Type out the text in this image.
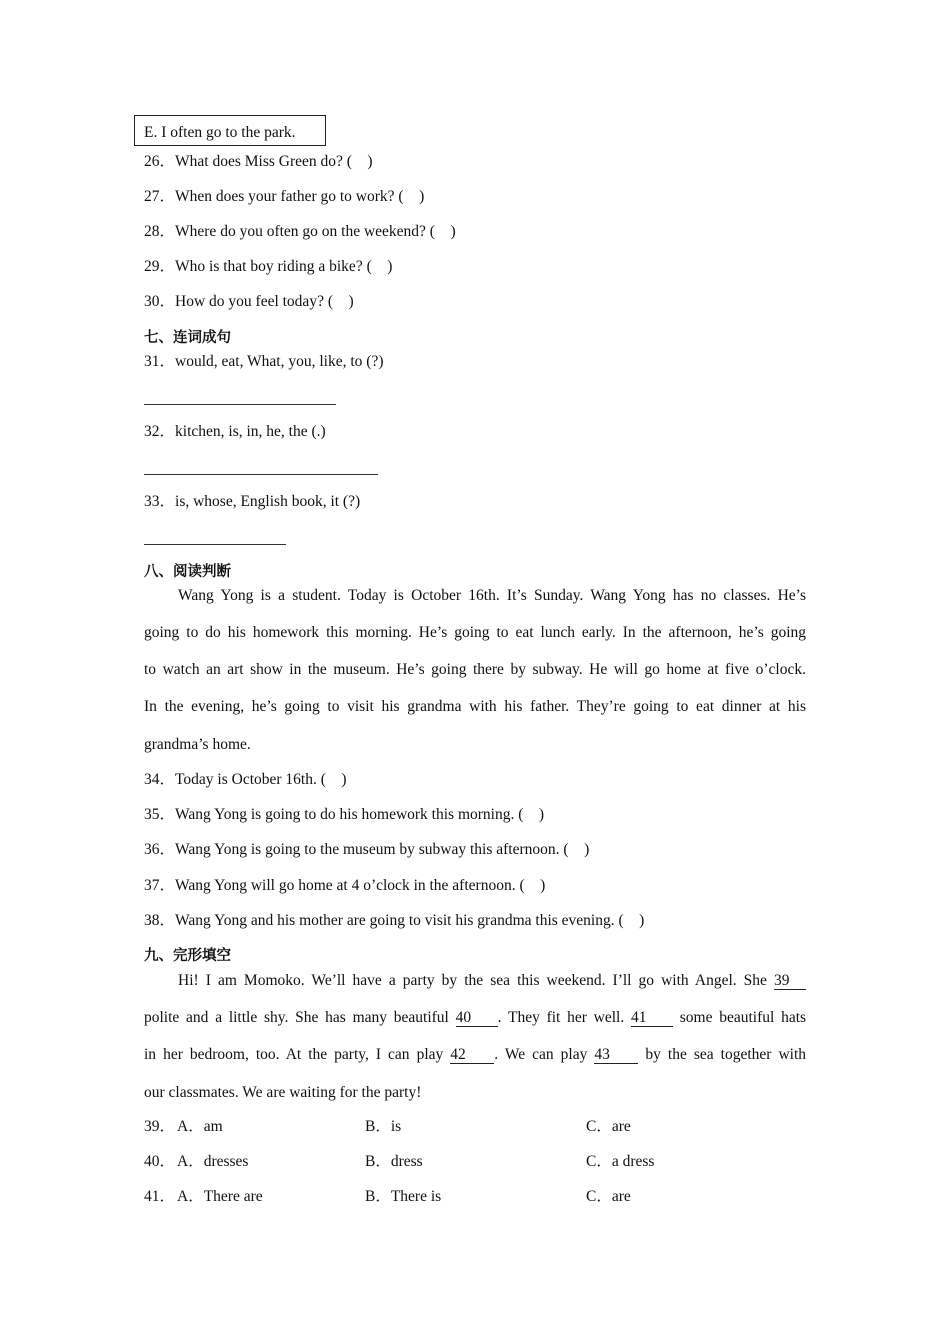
E. I often go to the park.
26．What does Miss Green do? (    )
27．When does your father go to work? (    )
28．Where do you often go on the weekend? (    )
29．Who is that boy riding a bike? (    )
30．How do you feel today? (    )
七、连词成句
31．would, eat, What, you, like, to (?)
32．kitchen, is, in, he, the (.)
33．is, whose, English book, it (?)
八、阅读判断
Wang Yong is a student. Today is October 16th. It’s Sunday. Wang Yong has no classes. He’s
going to do his homework this morning. He’s going to eat lunch early. In the afternoon, he’s going
to watch an art show in the museum. He’s going there by subway. He will go home at five o’clock.
In the evening, he’s going to visit his grandma with his father. They’re going to eat dinner at his
grandma’s home.
34．Today is October 16th. (    )
35．Wang Yong is going to do his homework this morning. (    )
36．Wang Yong is going to the museum by subway this afternoon. (    )
37．Wang Yong will go home at 4 o’clock in the afternoon. (    )
38．Wang Yong and his mother are going to visit his grandma this evening. (    )
九、完形填空
Hi! I am Momoko. We’ll have a party by the sea this weekend. I’ll go with Angel. She 39
polite and a little shy. She has many beautiful 40 . They fit her well. 41 some beautiful hats
in her bedroom, too. At the party, I can play 42 . We can play 43 by the sea together with
our classmates. We are waiting for the party!
39． A．am	B．is	C．are
40． A．dresses	B．dress	C．a dress
41． A．There are	B．There is	C．are
